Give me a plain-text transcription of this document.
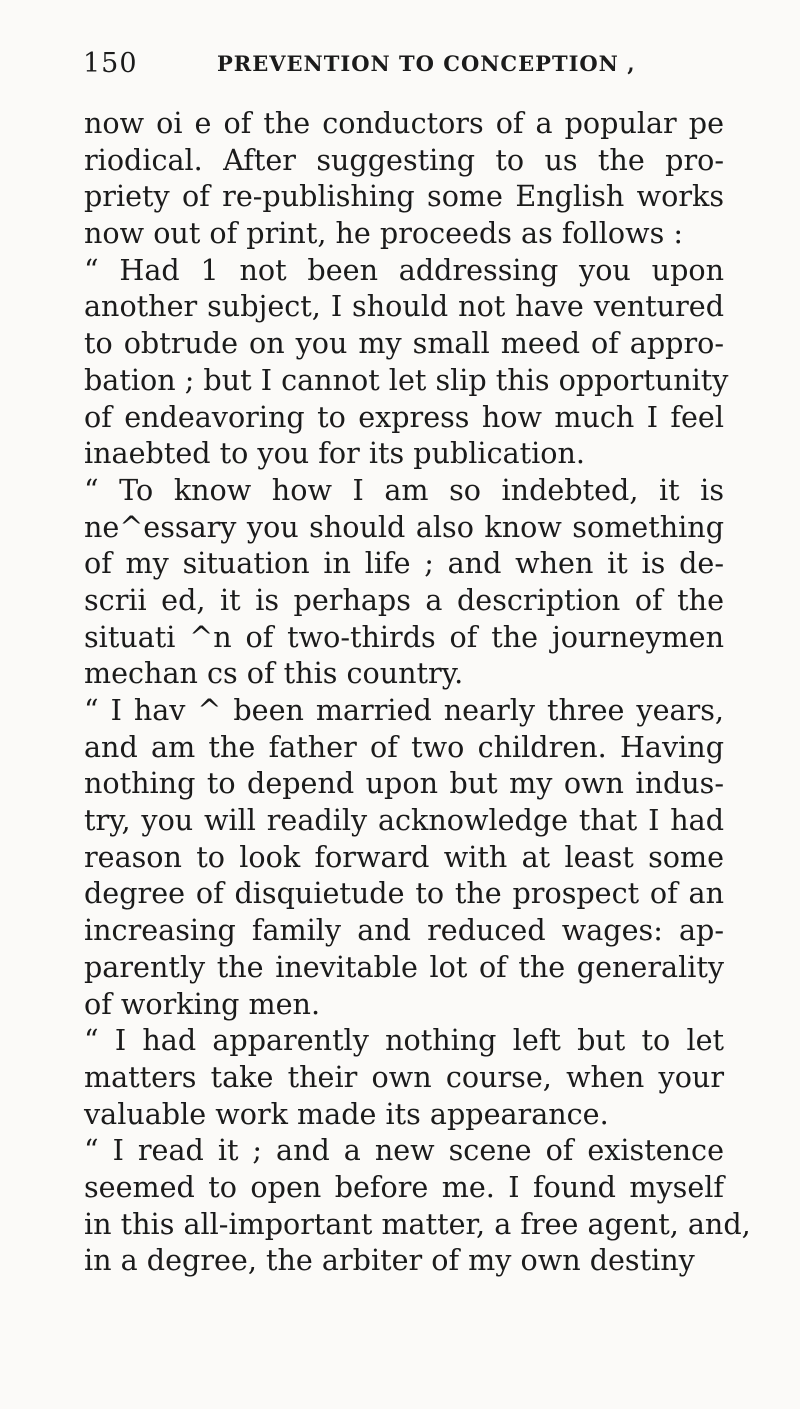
150	PREVENTION TO CONCEPTION ,
now oi e of the conductors of a popular pe
riodical. After suggesting to us the pro-
priety of re-publishing some English works
now out of print, he proceeds as follows :
“ Had 1 not been addressing you upon
another subject, I should not have ventured
to obtrude on you my small meed of appro-
bation ; but I cannot let slip this opportunity
of endeavoring to express how much I feel
inaebted to you for its publication.
“ To know how I am so indebted, it is
ne^essary you should also know something
of my situation in life ; and when it is de-
scrii ed, it is perhaps a description of the
situati ^n of two-thirds of the journeymen
mechan cs of this country.
“ I hav ^ been married nearly three years,
and am the father of two children. Having
nothing to depend upon but my own indus-
try, you will readily acknowledge that I had
reason to look forward with at least some
degree of disquietude to the prospect of an
increasing family and reduced wages: ap-
parently the inevitable lot of the generality
of working men.
“ I had apparently nothing left but to let
matters take their own course, when your
valuable work made its appearance.
“ I read it ; and a new scene of existence
seemed to open before me. I found myself
in this all-important matter, a free agent, and,
in a degree, the arbiter of my own destiny
